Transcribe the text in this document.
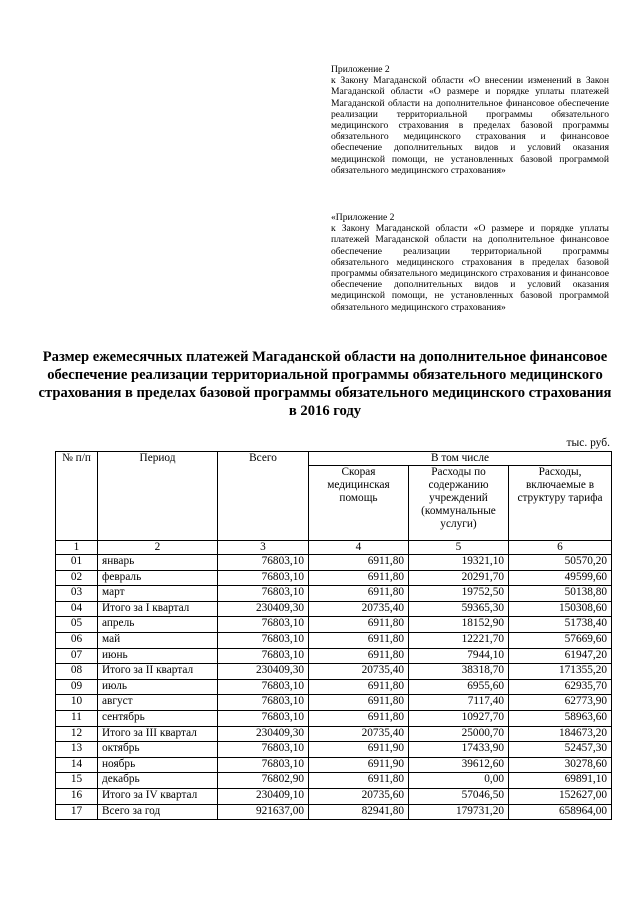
Приложение 2
к Закону Магаданской области «О внесении изменений в Закон Магаданской области «О размере и порядке уплаты платежей Магаданской области на дополнительное финансовое обеспечение реализации территориальной программы обязательного медицинского страхования в пределах базовой программы обязательного медицинского страхования и финансовое обеспечение дополнительных видов и условий оказания медицинской помощи, не установленных базовой программой обязательного медицинского страхования»
«Приложение 2
к Закону Магаданской области «О размере и порядке уплаты платежей Магаданской области на дополнительное финансовое обеспечение реализации территориальной программы обязательного медицинского страхования в пределах базовой программы обязательного медицинского страхования и финансовое обеспечение дополнительных видов и условий оказания медицинской помощи, не установленных базовой программой обязательного медицинского страхования»
Размер ежемесячных платежей Магаданской области на дополнительное финансовое обеспечение реализации территориальной программы обязательного медицинского страхования в пределах базовой программы обязательного медицинского страхования в 2016 году
тыс. руб.
№ п/п	Период	Всего	В том числе		
			Скорая медицинская помощь	Расходы по содержанию учреждений (коммунальные услуги)	Расходы, включаемые в структуру тарифа
1	2	3	4	5	6
01	январь	76803,10	6911,80	19321,10	50570,20
02	февраль	76803,10	6911,80	20291,70	49599,60
03	март	76803,10	6911,80	19752,50	50138,80
04	Итого за I квартал	230409,30	20735,40	59365,30	150308,60
05	апрель	76803,10	6911,80	18152,90	51738,40
06	май	76803,10	6911,80	12221,70	57669,60
07	июнь	76803,10	6911,80	7944,10	61947,20
08	Итого за II квартал	230409,30	20735,40	38318,70	171355,20
09	июль	76803,10	6911,80	6955,60	62935,70
10	август	76803,10	6911,80	7117,40	62773,90
11	сентябрь	76803,10	6911,80	10927,70	58963,60
12	Итого за III квартал	230409,30	20735,40	25000,70	184673,20
13	октябрь	76803,10	6911,90	17433,90	52457,30
14	ноябрь	76803,10	6911,90	39612,60	30278,60
15	декабрь	76802,90	6911,80	0,00	69891,10
16	Итого за IV квартал	230409,10	20735,60	57046,50	152627,00
17	Всего за год	921637,00	82941,80	179731,20	658964,00
